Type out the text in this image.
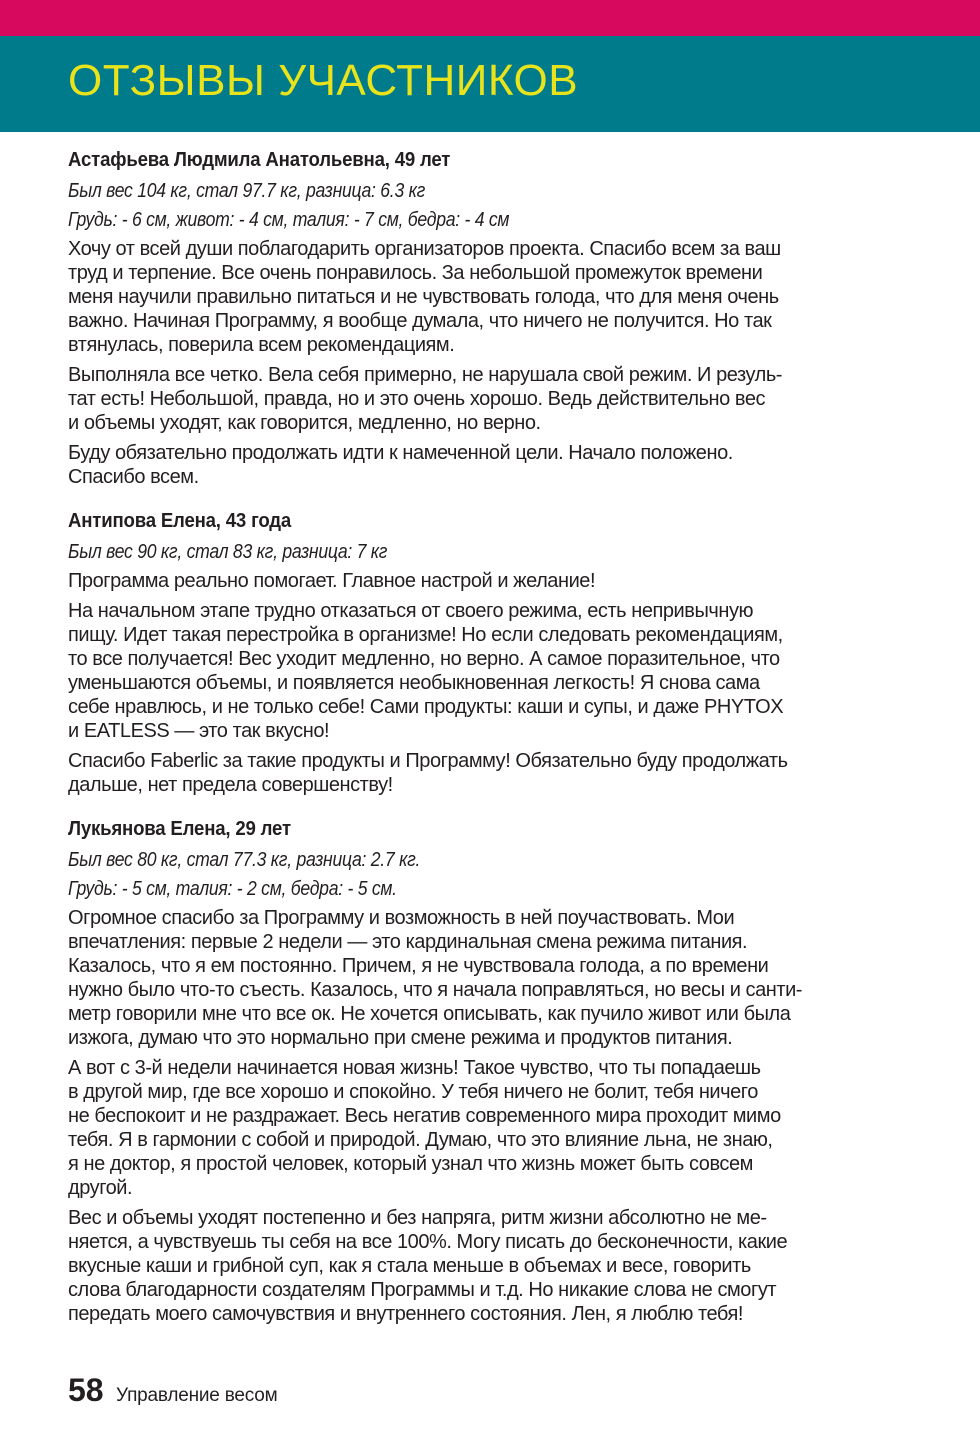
ОТЗЫВЫ УЧАСТНИКОВ
Астафьева Людмила Анатольевна, 49 лет
Был вес 104 кг, стал 97.7 кг, разница: 6.3 кг
Грудь: - 6 см, живот: - 4 см, талия: - 7 см, бедра: - 4 см

Хочу от всей души поблагодарить организаторов проекта. Спасибо всем за ваш
труд и терпение. Все очень понравилось. За небольшой промежуток времени
меня научили правильно питаться и не чувствовать голода, что для меня очень
важно. Начиная Программу, я вообще думала, что ничего не получится. Но так
втянулась, поверила всем рекомендациям.

Выполняла все четко. Вела себя примерно, не нарушала свой режим. И резуль-
тат есть! Небольшой, правда, но и это очень хорошо. Ведь действительно вес
и объемы уходят, как говорится, медленно, но верно.

Буду обязательно продолжать идти к намеченной цели. Начало положено.
Спасибо всем.

Антипова Елена, 43 года
Был вес 90 кг, стал 83 кг, разница: 7 кг

Программа реально помогает. Главное настрой и желание!

На начальном этапе трудно отказаться от своего режима, есть непривычную
пищу. Идет такая перестройка в организме! Но если следовать рекомендациям,
то все получается! Вес уходит медленно, но верно. А самое поразительное, что
уменьшаются объемы, и появляется необыкновенная легкость! Я снова сама
себе нравлюсь, и не только себе! Сами продукты: каши и супы, и даже PHYTOX
и EATLESS — это так вкусно!

Спасибо Faberlic за такие продукты и Программу! Обязательно буду продолжать
дальше, нет предела совершенству!

Лукьянова Елена, 29 лет
Был вес 80 кг, стал 77.3 кг, разница: 2.7 кг.
Грудь: - 5 см, талия: - 2 см, бедра: - 5 см.

Огромное спасибо за Программу и возможность в ней поучаствовать. Мои
впечатления: первые 2 недели — это кардинальная смена режима питания.
Казалось, что я ем постоянно. Причем, я не чувствовала голода, а по времени
нужно было что-то съесть. Казалось, что я начала поправляться, но весы и санти-
метр говорили мне что все ок. Не хочется описывать, как пучило живот или была
изжога, думаю что это нормально при смене режима и продуктов питания.

А вот с 3-й недели начинается новая жизнь! Такое чувство, что ты попадаешь
в другой мир, где все хорошо и спокойно. У тебя ничего не болит, тебя ничего
не беспокоит и не раздражает. Весь негатив современного мира проходит мимо
тебя. Я в гармонии с собой и природой. Думаю, что это влияние льна, не знаю,
я не доктор, я простой человек, который узнал что жизнь может быть совсем
другой.

Вес и объемы уходят постепенно и без напряга, ритм жизни абсолютно не ме-
няется, а чувствуешь ты себя на все 100%. Могу писать до бесконечности, какие
вкусные каши и грибной суп, как я стала меньше в объемах и весе, говорить
слова благодарности создателям Программы и т.д. Но никакие слова не смогут
передать моего самочувствия и внутреннего состояния. Лен, я люблю тебя!

58 Управление весом
